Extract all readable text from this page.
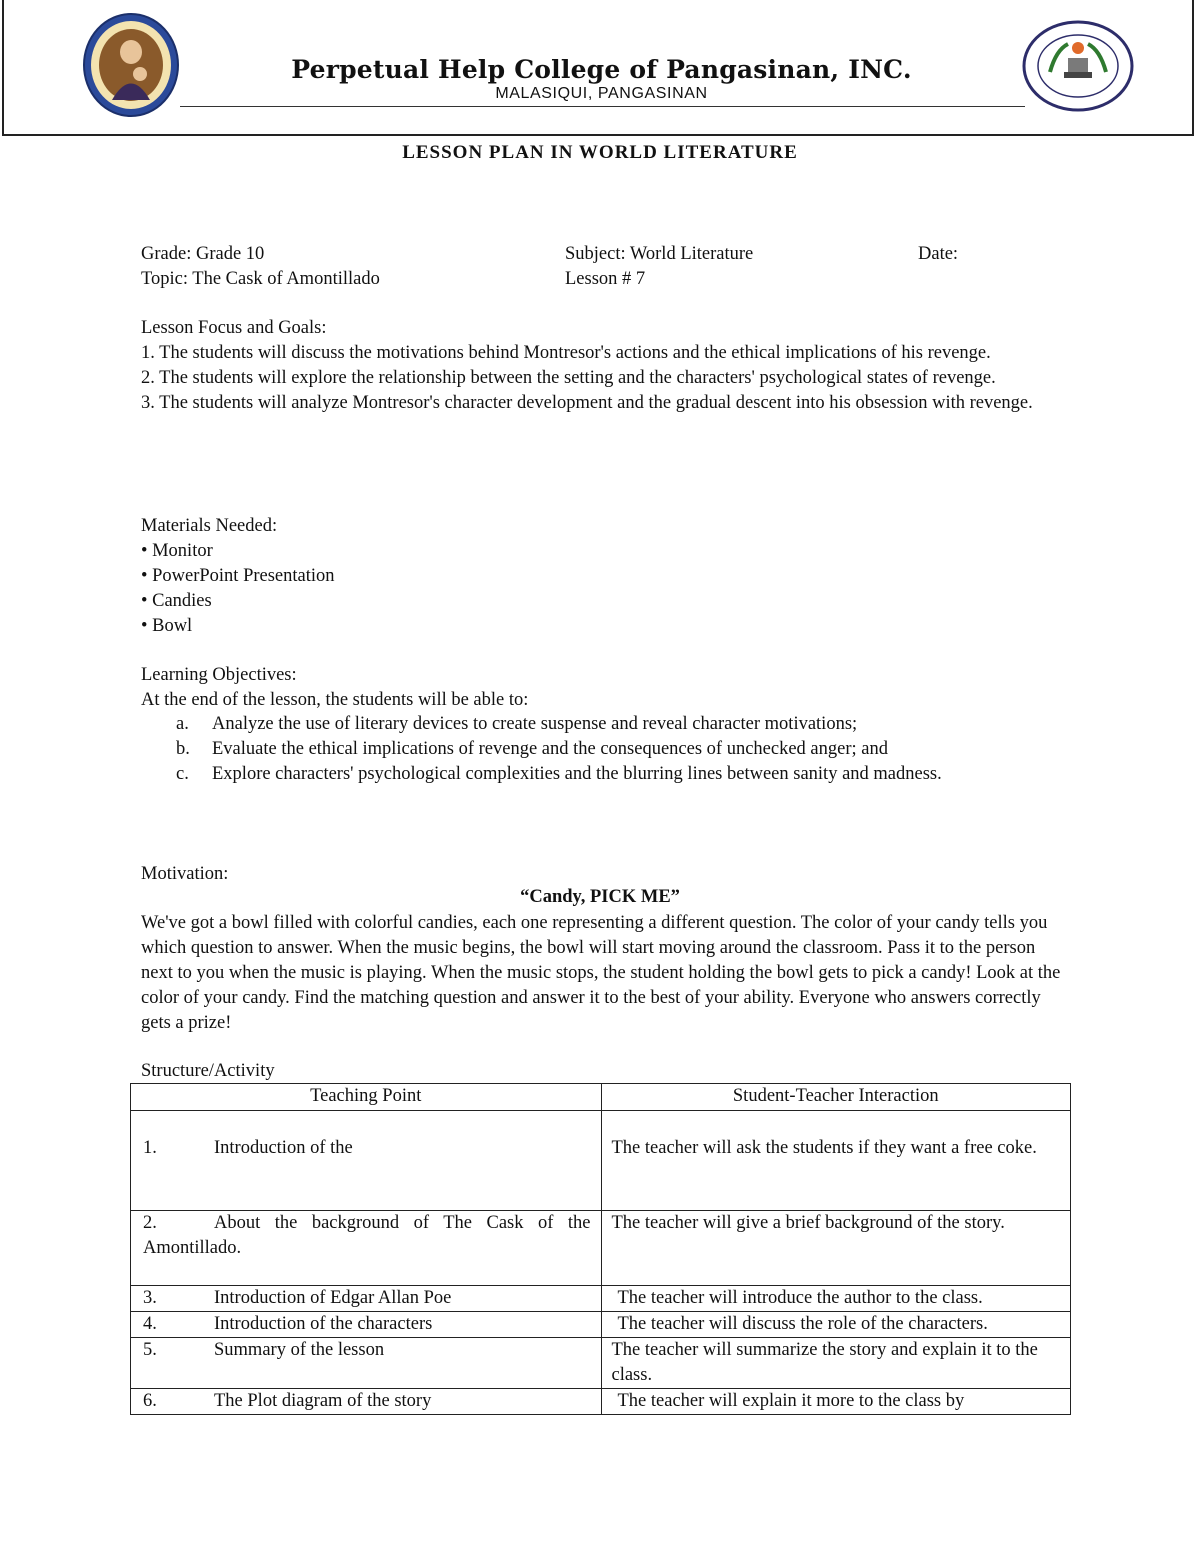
Perpetual Help College of Pangasinan, INC.
MALASIQUI, PANGASINAN
LESSON PLAN IN WORLD LITERATURE
Grade: Grade 10
Topic: The Cask of Amontillado
Subject: World Literature
Lesson # 7
Date:

Lesson Focus and Goals:

1. The students will discuss the motivations behind Montresor's actions and the ethical implications of his revenge.

2. The students will explore the relationship between the setting and the characters' psychological states of revenge.

3. The students will analyze Montresor's character development and the gradual descent into his obsession with revenge.

Materials Needed:

• Monitor

• PowerPoint Presentation

• Candies

• Bowl

Learning Objectives:

At the end of the lesson, the students will be able to:

a. Analyze the use of literary devices to create suspense and reveal character motivations;
b. Evaluate the ethical implications of revenge and the consequences of unchecked anger; and
c. Explore characters' psychological complexities and the blurring lines between sanity and madness.
Motivation:
“Candy, PICK ME”
We've got a bowl filled with colorful candies, each one representing a different question. The color of your candy tells you which question to answer. When the music begins, the bowl will start moving around the classroom. Pass it to the person next to you when the music is playing. When the music stops, the student holding the bowl gets to pick a candy! Look at the color of your candy. Find the matching question and answer it to the best of your ability. Everyone who answers correctly gets a prize!
Structure/Activity
Teaching Point	Student-Teacher Interaction
1. Introduction of the	The teacher will ask the students if they want a free coke.
2. About the background of The Cask of the Amontillado.	The teacher will give a brief background of the story.
3. Introduction of Edgar Allan Poe	The teacher will introduce the author to the class.
4. Introduction of the characters	The teacher will discuss the role of the characters.
5. Summary of the lesson	The teacher will summarize the story and explain it to the class.
6. The Plot diagram of the story	The teacher will explain it more to the class by
